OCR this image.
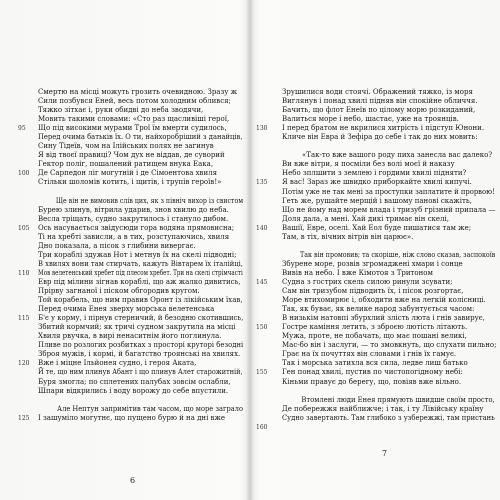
Смертю на місці можуть грозить очевидною. Зразу ж
Сили позбувся Еней, весь потом холодним облився;
Тяжко зітхає і, руки обидві до неба зводячи,
Мовить такими словами: «Сто раз щасливіші герої,
95	Що під високими мурами Трої їм вмерти судилось,
Перед очима батьків їх. О ти, найхоробріший з данайців,
Сину Тідеїв, чом на Ілійських полях не загинув
Я від твоєї правиці? Чом дух не віддав, де суворий
Гектор поліг, пошалений ратищем внука Еака,
100	Де Сарпедон ліг могутній і де Сімоентова хвиля
Стільки шоломів котить, і щитів, і трупів героїв!»
Ще він не вимовив слів цих, як з північ вихор із свистом
Бурею злинув, вітрила ударив, знов хвилю до неба.
Весла тріщать, судно закрутилось і стануло дибом.
105	Ось насувається звідусюди гора водяна прямовисна;
Ті на хребті зависли, а в тих, розступаючись, хвиля
Дно показала, а пісок з глибини вивергає.
Три кораблі здужав Нот і метнув їх на скелі підводні;
В хвилях вони там стирчать, кажуть Вівтарем їх італійці,
110	Мов велетенський хребет під плесом хребет. Три на скелі стрімчасті
Евр під мілини зігнав кораблі, що аж жалко дивитись,
Прірву загнаної і піском обгородив кругом.
Той корабель, що ним правив Оронт із лікійським їхав,
Перед очима Енея зверху морська велетенська
115	Б'є у корму, і пірнув стерничий, й безодню скотившись,
Збитий кормчий; як тричі судном закрутила на місці
Хвиля рвучка, в вирі ненаситнім його поглинула.
Пливе по розлогих розбитках з просторі круторі безодні
Зброя мужів, і кормі, й багатство троянські на хвилях.
120	Вже і міцне Ільйонея судно, і героя Аката,
Й те, що ним плинув Абант і що плинув Алет старожитній,
Буря змогла; по сплетених палубах зовсім ослабли,
Шпари відкрились і воду ворожу до себе впустили.
Але Нептун запримітив там часом, що море заграло
125	І зашуміло могутнє, що пущено бурю й на дні вже
6
Зрушилися води стоячі. Ображений тяжко, із моря
Виглянув і понад хвилі підняв він спокійне обличчя.
Бачить, що флот Енеїв по цілому морю розкиданий,
Валиться море і небо, шастає, уже на троянців.
130	І перед братом не вкрилися хитрість і підступ Юнони.
Кличе він Евра й Зефіра до себе і так до них мовить:
«Так-то вже вашого роду пиха занесла вас далеко?
Ви вже вітри, я посміли без волі моєї й наказу
Небо зплшити з землею і гордими хвилі підняти?
135	Я вас! Зараз же швидко приборкайте хвилі кипучі.
Потім уже не так мені за проступки заплатите й прорвою!
Геть же, рушайте мерщій і вашому панові скажіть,
Що не йому над морем влада і тризуб грізний припала —
Доля дала, а мені. Хай дикі тримає він скелі,
140	Вашії, Евре, оселі. Хай Еол буде пишатися там же;
Там, в тіх, вічних вітрів він царює».
Так він промовив; та скоріше, ніж слово сказав, заспокоїв
Збурене море, розвів згромаджені хмари і сонце
Вивів на небо. І вже Кімотоя з Тритоном
145	Судна з гострих скель силою ринули зсувати;
Сам він тризубом підводить їх, і пісок розгортає,
Море втихомирює і, обходити вже на легкій колісниці.
Так, як буває, як велике народ забунтується часом:
В низькім натовпі збурхлий злість люта і гнів завирує,
150	Гостре каміння летить, з зброєю лютість літають.
Мужа, проте, не побачать, що має пошані великі,
Мас-бо він і заслуги, — то змовкнуть, що слухати пильно;
Грає на їх почуттях він словами і гнів їх гамує.
Так і морська затихла вся сила, ледве лиш батько
155	Ген понад хвилі, пустив по чистопогідному небі:
Кіньми правує до берегу, що, повіяв вже вільно.
Втомлені люди Енея прямують швидше своїм просто,
Де побережжя найближче; і так, і ту Лівійську країну
Судно завертають. Там глибоко з узбережжі, там пристань
160
7
